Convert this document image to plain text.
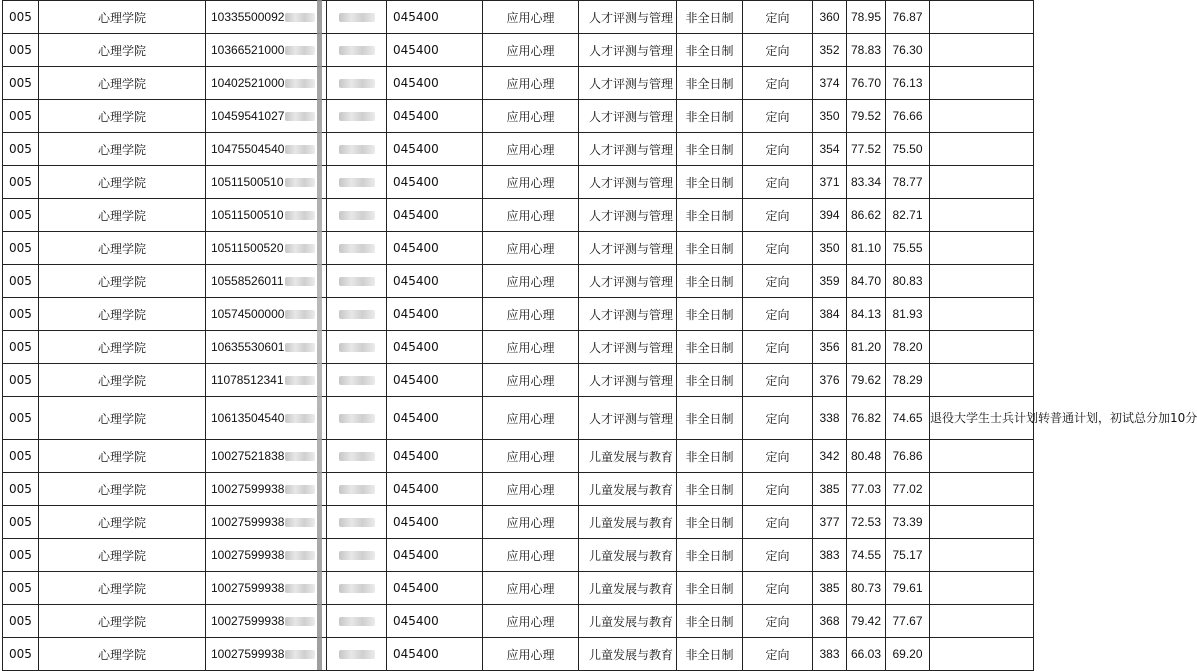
005	心理学院	10335500092		045400	应用心理	人才评测与管理	非全日制	定向	360	78.95	76.87	
005	心理学院	10366521000		045400	应用心理	人才评测与管理	非全日制	定向	352	78.83	76.30	
005	心理学院	10402521000		045400	应用心理	人才评测与管理	非全日制	定向	374	76.70	76.13	
005	心理学院	10459541027		045400	应用心理	人才评测与管理	非全日制	定向	350	79.52	76.66	
005	心理学院	10475504540		045400	应用心理	人才评测与管理	非全日制	定向	354	77.52	75.50	
005	心理学院	10511500510		045400	应用心理	人才评测与管理	非全日制	定向	371	83.34	78.77	
005	心理学院	10511500510		045400	应用心理	人才评测与管理	非全日制	定向	394	86.62	82.71	
005	心理学院	10511500520		045400	应用心理	人才评测与管理	非全日制	定向	350	81.10	75.55	
005	心理学院	10558526011		045400	应用心理	人才评测与管理	非全日制	定向	359	84.70	80.83	
005	心理学院	10574500000		045400	应用心理	人才评测与管理	非全日制	定向	384	84.13	81.93	
005	心理学院	10635530601		045400	应用心理	人才评测与管理	非全日制	定向	356	81.20	78.20	
005	心理学院	11078512341		045400	应用心理	人才评测与管理	非全日制	定向	376	79.62	78.29	
005	心理学院	10613504540		045400	应用心理	人才评测与管理	非全日制	定向	338	76.82	74.65	退役大学生士兵计划转普通计划，初试总分加10分
005	心理学院	10027521838		045400	应用心理	儿童发展与教育	非全日制	定向	342	80.48	76.86	
005	心理学院	10027599938		045400	应用心理	儿童发展与教育	非全日制	定向	385	77.03	77.02	
005	心理学院	10027599938		045400	应用心理	儿童发展与教育	非全日制	定向	377	72.53	73.39	
005	心理学院	10027599938		045400	应用心理	儿童发展与教育	非全日制	定向	383	74.55	75.17	
005	心理学院	10027599938		045400	应用心理	儿童发展与教育	非全日制	定向	385	80.73	79.61	
005	心理学院	10027599938		045400	应用心理	儿童发展与教育	非全日制	定向	368	79.42	77.67	
005	心理学院	10027599938		045400	应用心理	儿童发展与教育	非全日制	定向	383	66.03	69.20	
